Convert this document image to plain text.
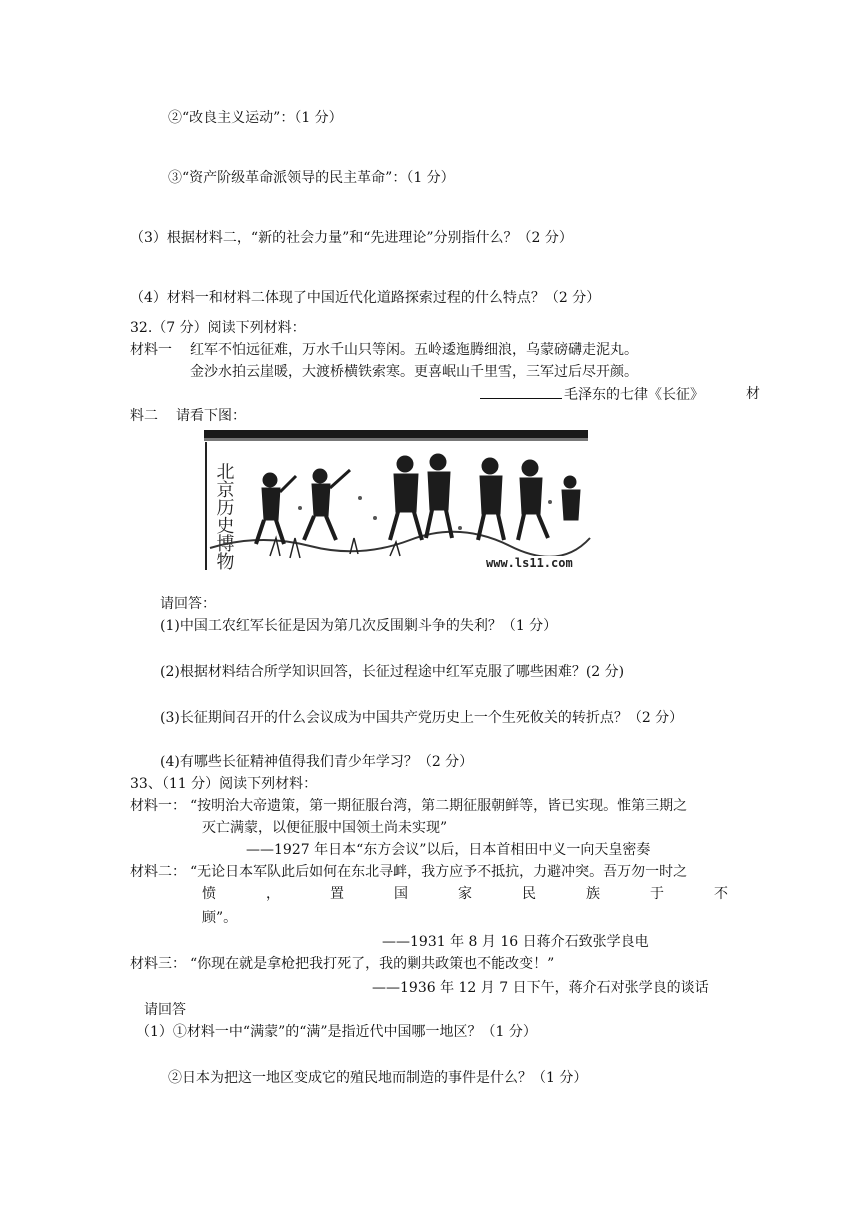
②“改良主义运动”：（1 分）
③“资产阶级革命派领导的民主革命”：（1 分）
（3）根据材料二，“新的社会力量”和“先进理论”分别指什么？（2 分）
（4）材料一和材料二体现了中国近代化道路探索过程的什么特点？（2 分）
32.（7 分）阅读下列材料：
材料一 红军不怕远征难，万水千山只等闲。五岭逶迤腾细浪，乌蒙磅礴走泥丸。
金沙水拍云崖暖，大渡桥横铁索寒。更喜岷山千里雪，三军过后尽开颜。
毛泽东的七律《长征》	材
料二 请看下图：
北京历史博物	www.ls11.com
请回答：
(1)中国工农红军长征是因为第几次反围剿斗争的失利？（1 分）
(2)根据材料结合所学知识回答，长征过程途中红军克服了哪些困难？(2 分)
(3)长征期间召开的什么会议成为中国共产党历史上一个生死攸关的转折点？（2 分）
(4)有哪些长征精神值得我们青少年学习？（2 分）
33、（11 分）阅读下列材料：
材料一： “按明治大帝遗策，第一期征服台湾，第二期征服朝鲜等，皆已实现。惟第三期之
灭亡满蒙，以便征服中国领土尚未实现”
——1927 年日本“东方会议”以后，日本首相田中义一向天皇密奏
材料二： “无论日本军队此后如何在东北寻衅，我方应予不抵抗，力避冲突。吾万勿一时之
愤	，	置	国	家	民	族	于	不
顾”。
——1931 年 8 月 16 日蒋介石致张学良电
材料三： “你现在就是拿枪把我打死了，我的剿共政策也不能改变！”
——1936 年 12 月 7 日下午，蒋介石对张学良的谈话
请回答
（1）①材料一中“满蒙”的“满”是指近代中国哪一地区？（1 分）
②日本为把这一地区变成它的殖民地而制造的事件是什么？（1 分）
